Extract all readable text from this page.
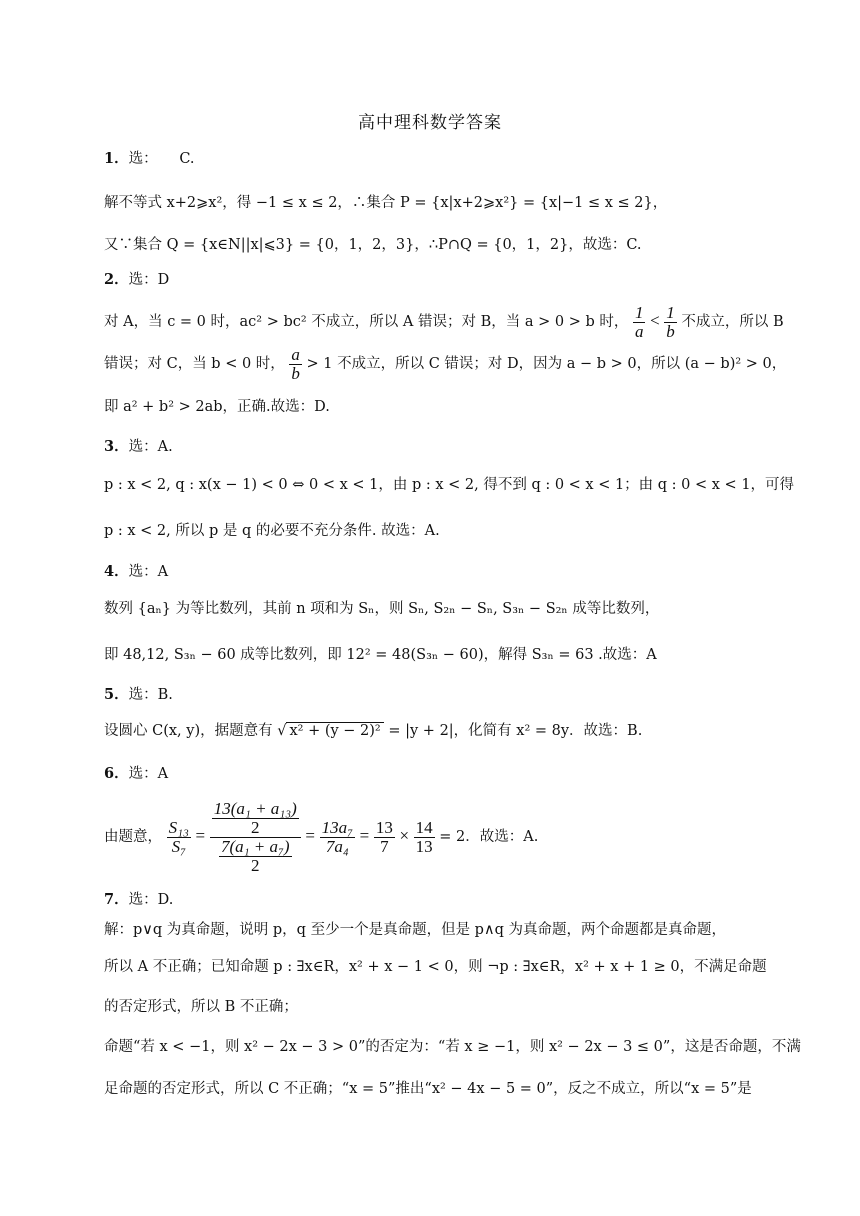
高中理科数学答案
1．选：　　C.
解不等式 x+2⩾x²，得 −1 ≤ x ≤ 2，∴集合 P = {x|x+2⩾x²} = {x|−1 ≤ x ≤ 2}，
又∵集合 Q = {x∈N||x|⩽3} = {0，1，2，3}，∴P∩Q = {0，1，2}，故选：C.
2．选：D
对 A，当 c = 0 时，ac² > bc² 不成立，所以 A 错误；对 B，当 a > 0 > b 时， $\frac{1}{a} < \frac{1}{b}$ 不成立，所以 B
错误；对 C，当 b < 0 时， $\frac{a}{b} > 1$ 不成立，所以 C 错误；对 D，因为 a − b > 0，所以 (a − b)² > 0，
即 a² + b² > 2ab，正确.故选：D.
3．选：A.
p : x < 2, q : x(x − 1) < 0 ⇔ 0 < x < 1，由 p : x < 2, 得不到 q : 0 < x < 1；由 q : 0 < x < 1，可得
p : x < 2, 所以 p 是 q 的必要不充分条件. 故选：A.
4．选：A
数列 {aₙ} 为等比数列，其前 n 项和为 Sₙ，则 Sₙ, S₂ₙ − Sₙ, S₃ₙ − S₂ₙ 成等比数列，
即 48,12, S₃ₙ − 60 成等比数列，即 12² = 48(S₃ₙ − 60)，解得 S₃ₙ = 63 .故选：A
5．选：B.
设圆心 C(x, y)，据题意有 √ x² + (y − 2)² = |y + 2|，化简有 x² = 8y．故选：B.
6．选：A
由题意， $\frac{\text{S₁₃}}{\text{S₇}} = \frac{\frac{\text{13(a₁ + a₁₃)}}{2}}{\frac{\text{7(a₁ + a₇)}}{2}} = \frac{\text{13a₇}}{\text{7a₄}} = \frac{13}{7} \times \frac{14}{13} = 2$．故选：A.
7．选：D.
解：p∨q 为真命题，说明 p，q 至少一个是真命题，但是 p∧q 为真命题，两个命题都是真命题，
所以 A 不正确；已知命题 p : ∃x∈R，x² + x − 1 < 0，则 ¬p : ∃x∈R，x² + x + 1 ≥ 0，不满足命题
的否定形式，所以 B 不正确；
命题“若 x < −1，则 x² − 2x − 3 > 0”的否定为：“若 x ≥ −1，则 x² − 2x − 3 ≤ 0”，这是否命题，不满
足命题的否定形式，所以 C 不正确；“x = 5”推出“x² − 4x − 5 = 0”，反之不成立，所以“x = 5”是
